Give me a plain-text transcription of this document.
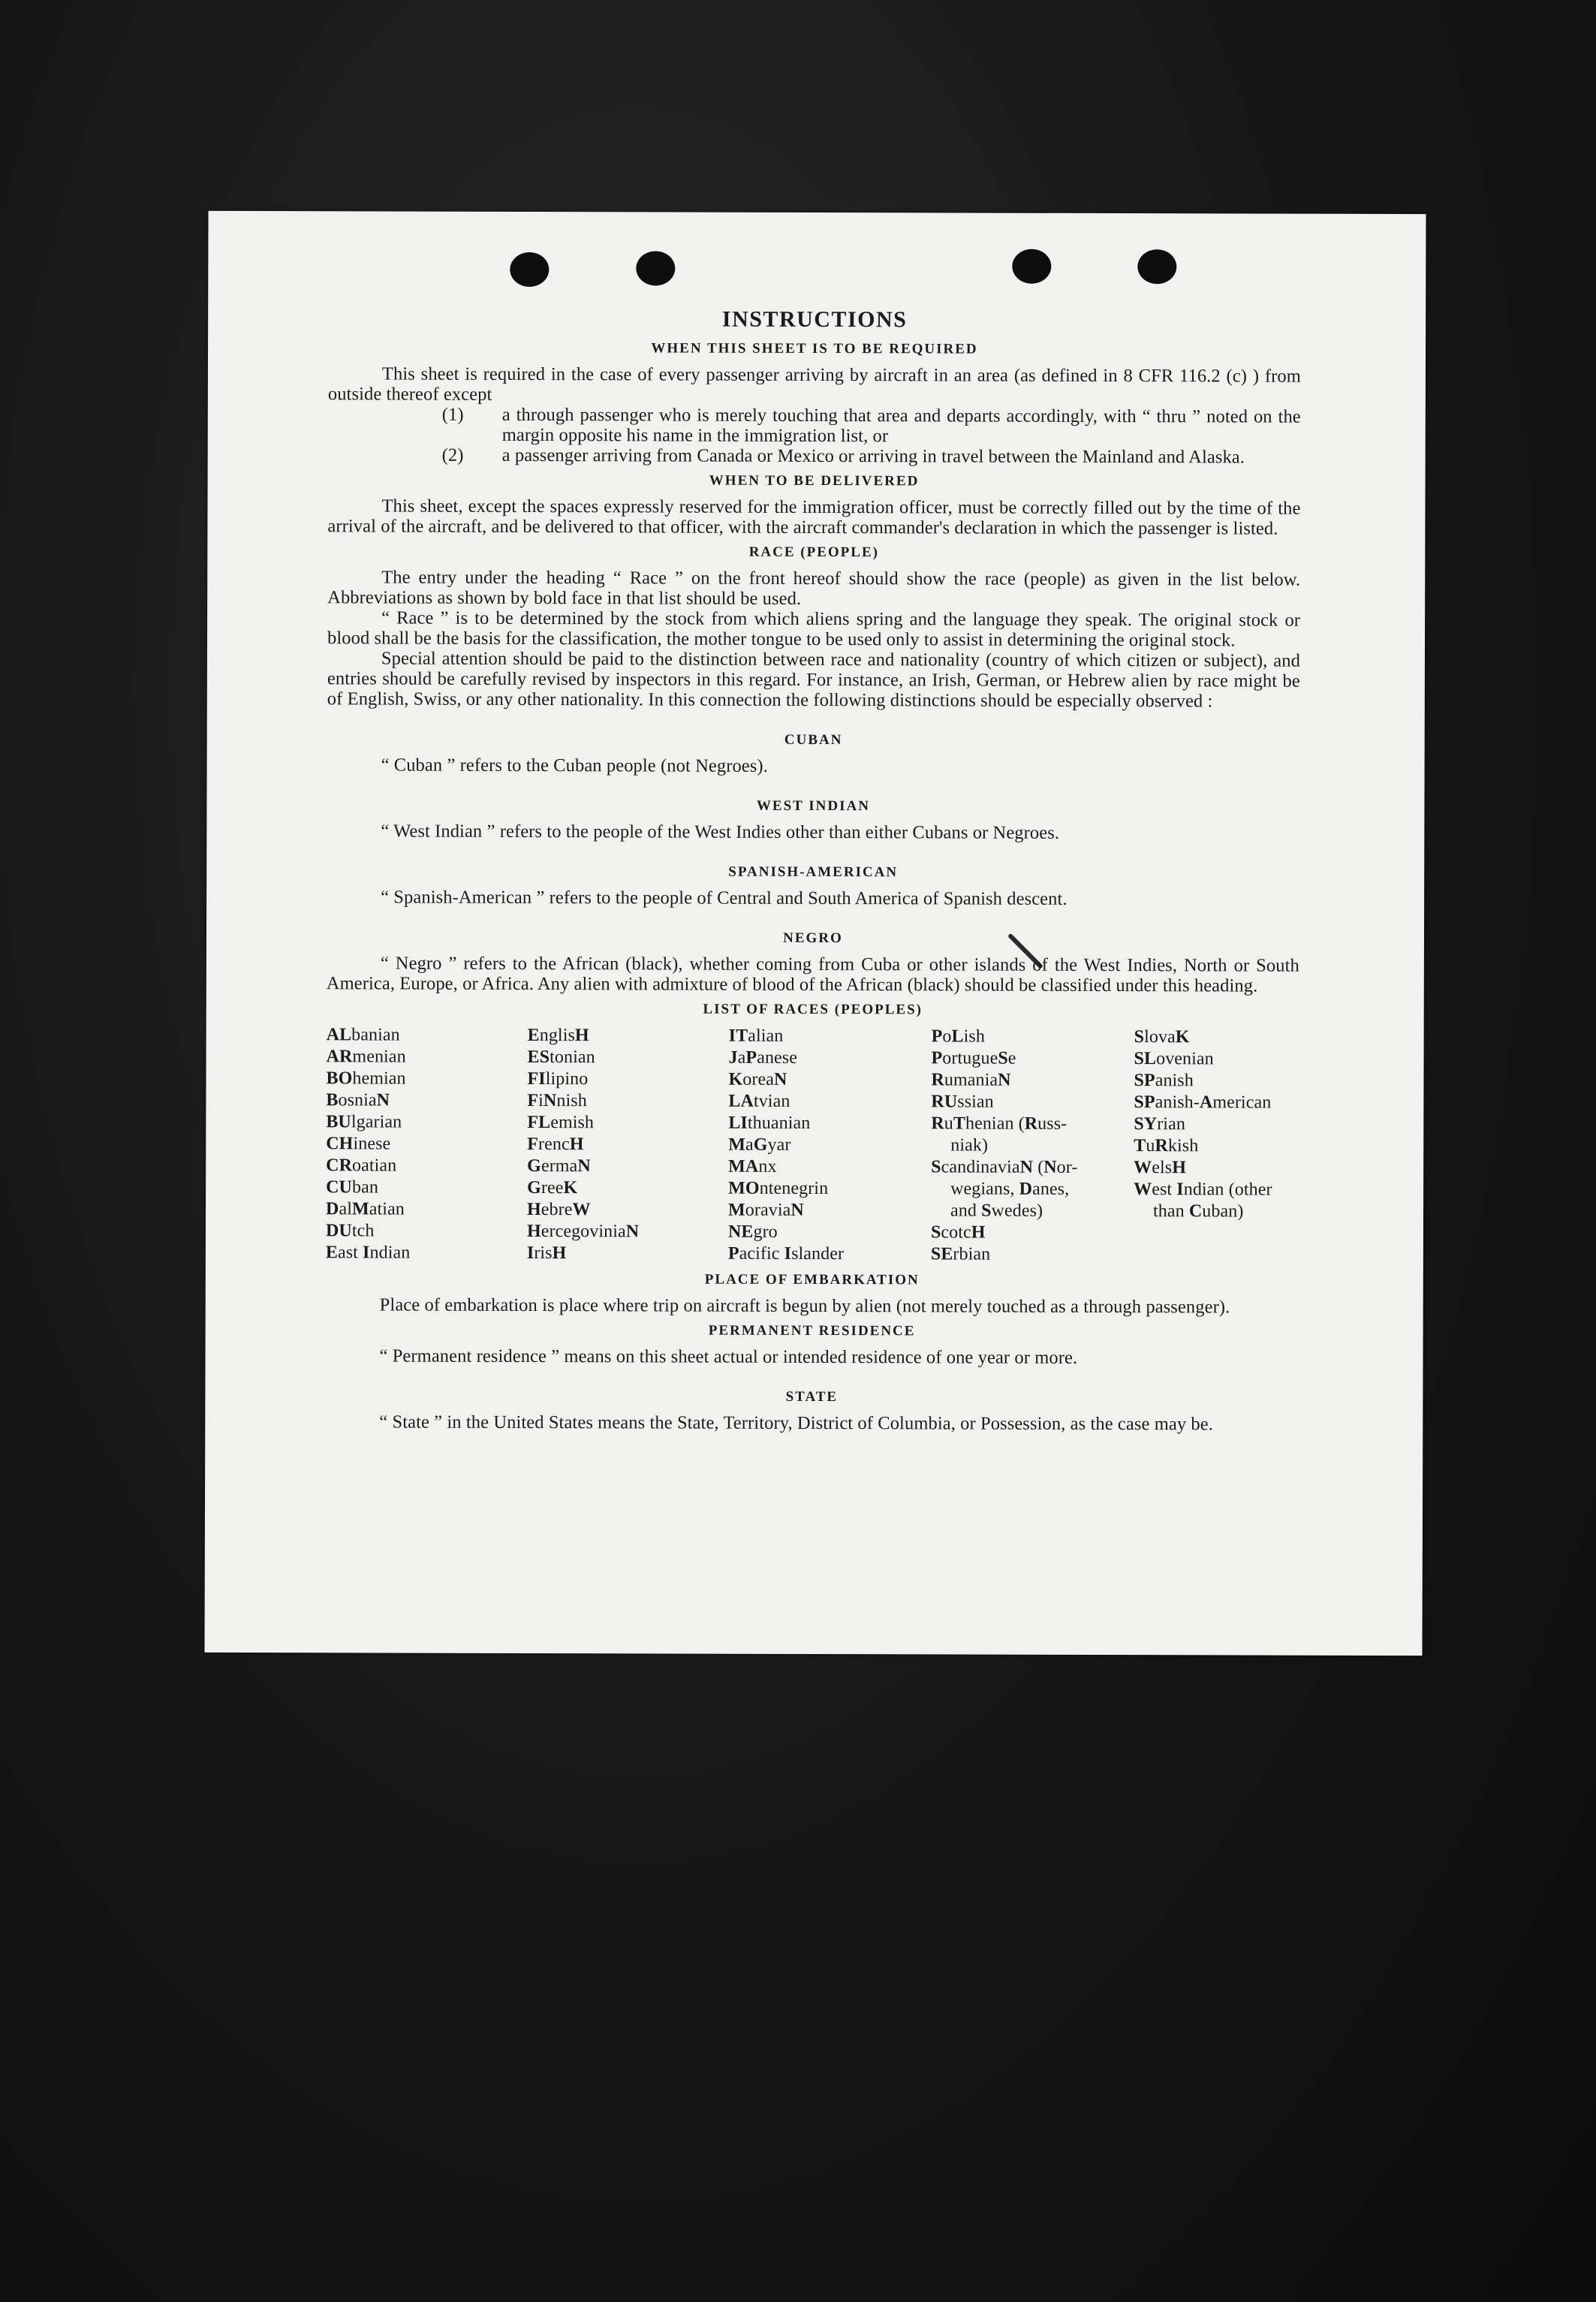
INSTRUCTIONS
WHEN THIS SHEET IS TO BE REQUIRED

This sheet is required in the case of every passenger arriving by aircraft in an area (as defined in 8 CFR 116.2 (c) ) from outside thereof except

(1) a through passenger who is merely touching that area and departs accordingly, with “ thru ” noted on the margin opposite his name in the immigration list, or

(2) a passenger arriving from Canada or Mexico or arriving in travel between the Mainland and Alaska.

WHEN TO BE DELIVERED

This sheet, except the spaces expressly reserved for the immigration officer, must be correctly filled out by the time of the arrival of the aircraft, and be delivered to that officer, with the aircraft commander's declaration in which the passenger is listed.

RACE (PEOPLE)

The entry under the heading “ Race ” on the front hereof should show the race (people) as given in the list below. Abbreviations as shown by bold face in that list should be used.

“ Race ” is to be determined by the stock from which aliens spring and the language they speak. The original stock or blood shall be the basis for the classification, the mother tongue to be used only to assist in determining the original stock.

Special attention should be paid to the distinction between race and nationality (country of which citizen or subject), and entries should be carefully revised by inspectors in this regard. For instance, an Irish, German, or Hebrew alien by race might be of English, Swiss, or any other nationality. In this connection the following distinctions should be especially observed :

CUBAN

“ Cuban ” refers to the Cuban people (not Negroes).

WEST INDIAN

“ West Indian ” refers to the people of the West Indies other than either Cubans or Negroes.

SPANISH-AMERICAN

“ Spanish-American ” refers to the people of Central and South America of Spanish descent.

NEGRO

“ Negro ” refers to the African (black), whether coming from Cuba or other islands of the West Indies, North or South America, Europe, or Africa. Any alien with admixture of blood of the African (black) should be classified under this heading.

LIST OF RACES (PEOPLES)
ALbanian
ARmenian
BOhemian
BosniaN
BUlgarian
CHinese
CRoatian
CUban
DalMatian
DUtch
East Indian
EnglisH
EStonian
FIlipino
FiNnish
FLemish
FrencH
GermaN
GreeK
HebreW
HercegoviniaN
IrisH
ITalian
JaPanese
KoreaN
LAtvian
LIthuanian
MaGyar
MAnx
MOntenegrin
MoraviaN
NEgro
Pacific Islander
PoLish
PortugueSe
RumaniaN
RUssian
RuThenian (Russ-
niak)
ScandinaviaN (Nor-
wegians, Danes,
and Swedes)
ScotcH
SErbian
SlovaK
SLovenian
SPanish
SPanish-American
SYrian
TuRkish
WelsH
West Indian (other
than Cuban)
PLACE OF EMBARKATION

Place of embarkation is place where trip on aircraft is begun by alien (not merely touched as a through passenger).

PERMANENT RESIDENCE

“ Permanent residence ” means on this sheet actual or intended residence of one year or more.

STATE

“ State ” in the United States means the State, Territory, District of Columbia, or Possession, as the case may be.
